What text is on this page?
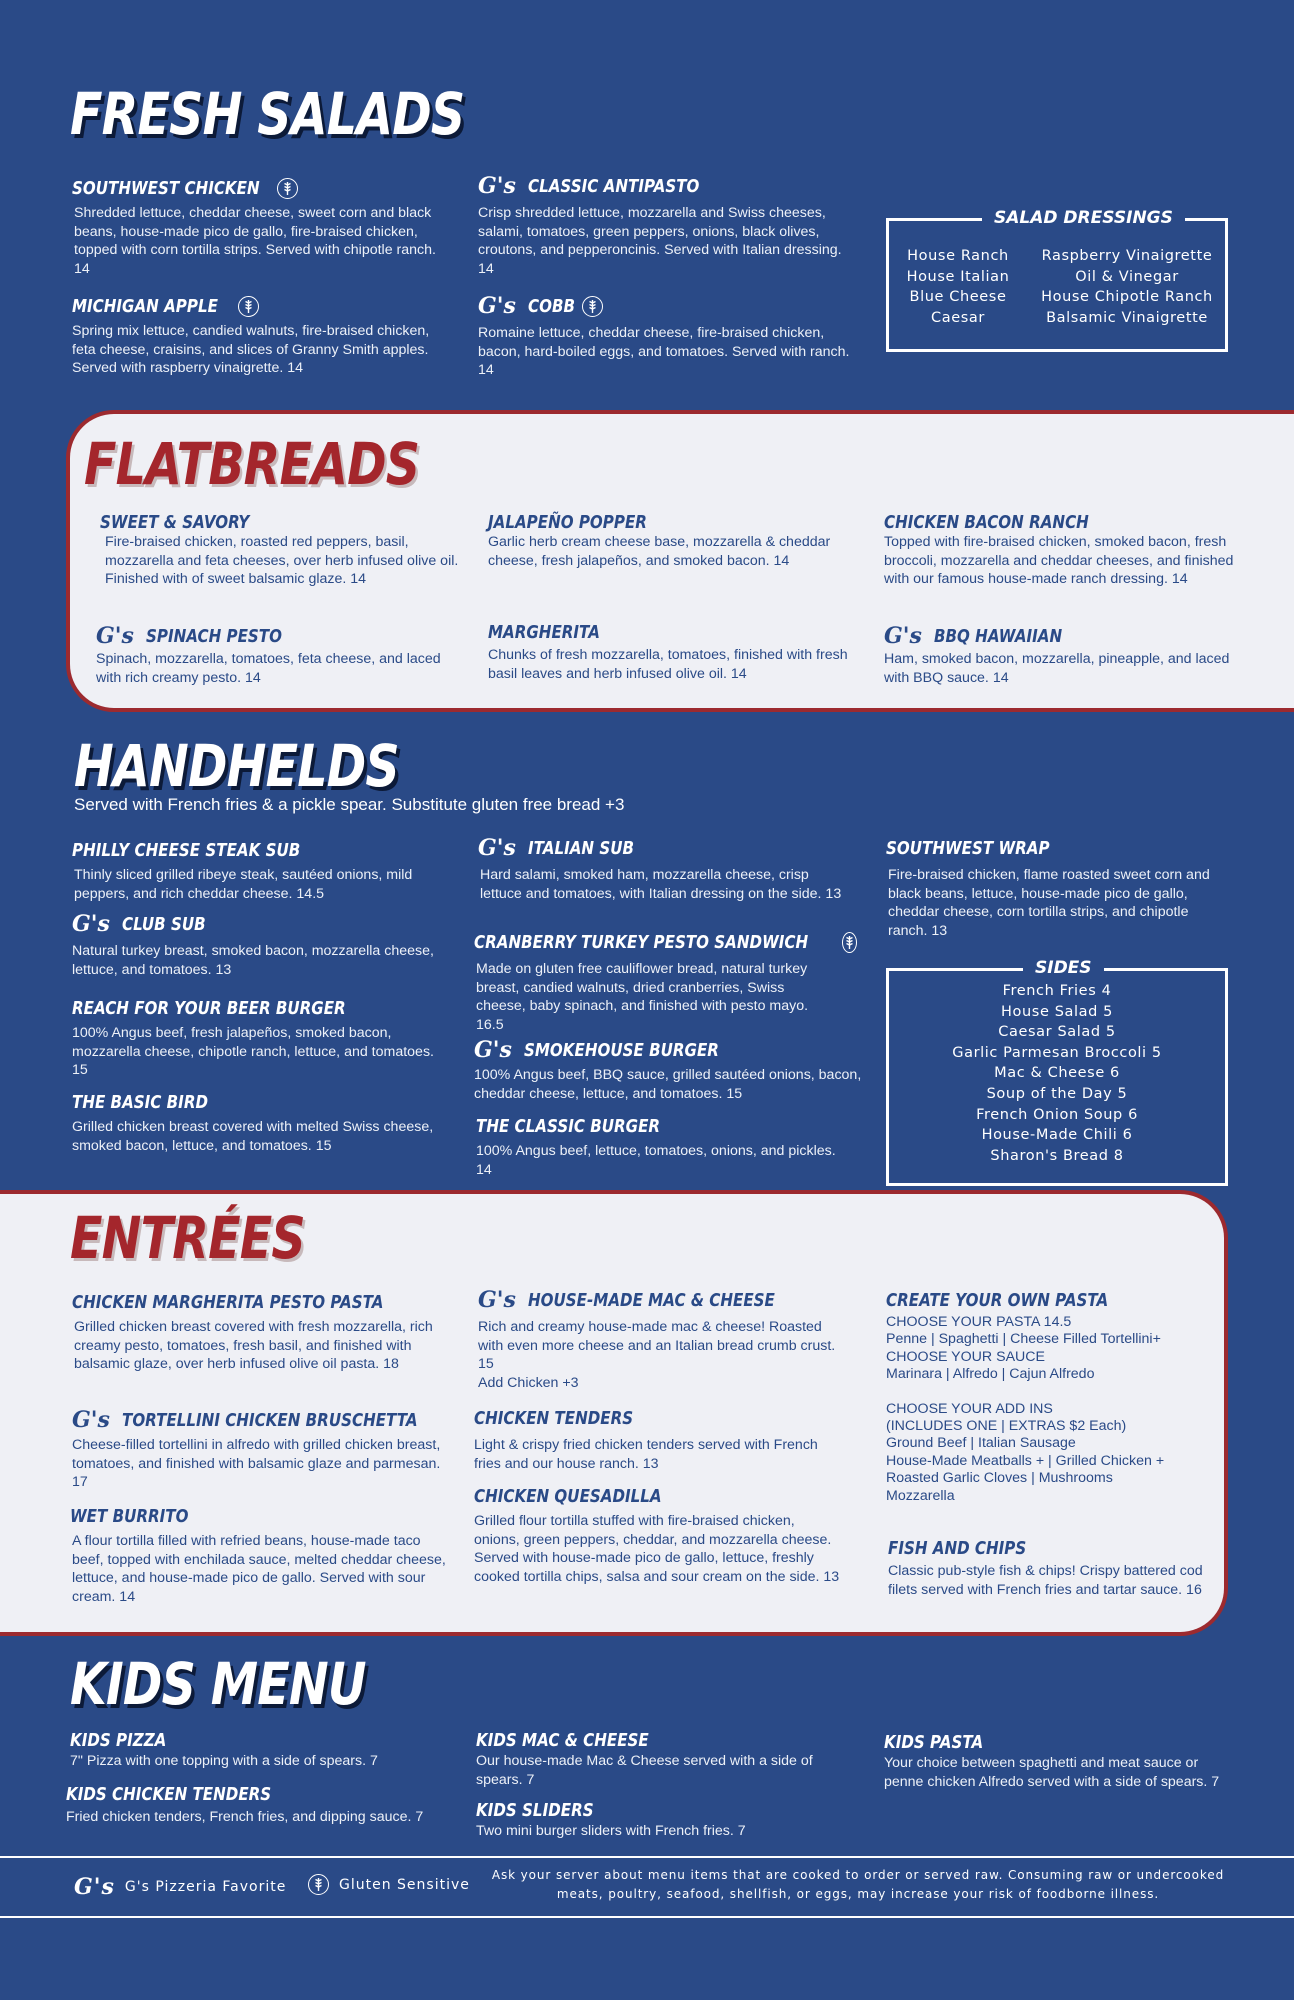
FRESH SALADS
SOUTHWEST CHICKEN
Shredded lettuce, cheddar cheese, sweet corn and black beans, house-made pico de gallo, fire-braised chicken, topped with corn tortilla strips. Served with chipotle ranch. 14
MICHIGAN APPLE
Spring mix lettuce, candied walnuts, fire-braised chicken, feta cheese, craisins, and slices of Granny Smith apples. Served with raspberry vinaigrette. 14
G's CLASSIC ANTIPASTO
Crisp shredded lettuce, mozzarella and Swiss cheeses, salami, tomatoes, green peppers, onions, black olives, croutons, and pepperoncinis. Served with Italian dressing. 14
G's COBB
Romaine lettuce, cheddar cheese, fire-braised chicken, bacon, hard-boiled eggs, and tomatoes. Served with ranch. 14
SALAD DRESSINGS
House Ranch
House Italian
Blue Cheese
Caesar
Raspberry Vinaigrette
Oil & Vinegar
House Chipotle Ranch
Balsamic Vinaigrette
FLATBREADS
SWEET & SAVORY
Fire-braised chicken, roasted red peppers, basil, mozzarella and feta cheeses, over herb infused olive oil. Finished with of sweet balsamic glaze. 14
G's SPINACH PESTO
Spinach, mozzarella, tomatoes, feta cheese, and laced with rich creamy pesto. 14
JALAPEÑO POPPER
Garlic herb cream cheese base, mozzarella & cheddar cheese, fresh jalapeños, and smoked bacon. 14
MARGHERITA
Chunks of fresh mozzarella, tomatoes, finished with fresh basil leaves and herb infused olive oil. 14
CHICKEN BACON RANCH
Topped with fire-braised chicken, smoked bacon, fresh broccoli, mozzarella and cheddar cheeses, and finished with our famous house-made ranch dressing. 14
G's BBQ HAWAIIAN
Ham, smoked bacon, mozzarella, pineapple, and laced with BBQ sauce. 14
HANDHELDS
Served with French fries & a pickle spear. Substitute gluten free bread +3
PHILLY CHEESE STEAK SUB
Thinly sliced grilled ribeye steak, sautéed onions, mild peppers, and rich cheddar cheese. 14.5
G's CLUB SUB
Natural turkey breast, smoked bacon, mozzarella cheese, lettuce, and tomatoes. 13
REACH FOR YOUR BEER BURGER
100% Angus beef, fresh jalapeños, smoked bacon, mozzarella cheese, chipotle ranch, lettuce, and tomatoes. 15
THE BASIC BIRD
Grilled chicken breast covered with melted Swiss cheese, smoked bacon, lettuce, and tomatoes. 15
G's ITALIAN SUB
Hard salami, smoked ham, mozzarella cheese, crisp lettuce and tomatoes, with Italian dressing on the side. 13
CRANBERRY TURKEY PESTO SANDWICH
Made on gluten free cauliflower bread, natural turkey breast, candied walnuts, dried cranberries, Swiss cheese, baby spinach, and finished with pesto mayo. 16.5
G's SMOKEHOUSE BURGER
100% Angus beef, BBQ sauce, grilled sautéed onions, bacon, cheddar cheese, lettuce, and tomatoes. 15
THE CLASSIC BURGER
100% Angus beef, lettuce, tomatoes, onions, and pickles. 14
SOUTHWEST WRAP
Fire-braised chicken, flame roasted sweet corn and black beans, lettuce, house-made pico de gallo, cheddar cheese, corn tortilla strips, and chipotle ranch. 13
SIDES
French Fries 4
House Salad 5
Caesar Salad 5
Garlic Parmesan Broccoli 5
Mac & Cheese 6
Soup of the Day 5
French Onion Soup 6
House-Made Chili 6
Sharon's Bread 8
ENTRÉES
CHICKEN MARGHERITA PESTO PASTA
Grilled chicken breast covered with fresh mozzarella, rich creamy pesto, tomatoes, fresh basil, and finished with balsamic glaze, over herb infused olive oil pasta. 18
G's TORTELLINI CHICKEN BRUSCHETTA
Cheese-filled tortellini in alfredo with grilled chicken breast, tomatoes, and finished with balsamic glaze and parmesan. 17
WET BURRITO
A flour tortilla filled with refried beans, house-made taco beef, topped with enchilada sauce, melted cheddar cheese, lettuce, and house-made pico de gallo. Served with sour cream. 14
G's HOUSE-MADE MAC & CHEESE
Rich and creamy house-made mac & cheese! Roasted with even more cheese and an Italian bread crumb crust. 15
Add Chicken +3
CHICKEN TENDERS
Light & crispy fried chicken tenders served with French fries and our house ranch. 13
CHICKEN QUESADILLA
Grilled flour tortilla stuffed with fire-braised chicken, onions, green peppers, cheddar, and mozzarella cheese. Served with house-made pico de gallo, lettuce, freshly cooked tortilla chips, salsa and sour cream on the side. 13
CREATE YOUR OWN PASTA
CHOOSE YOUR PASTA 14.5
Penne | Spaghetti | Cheese Filled Tortellini+
CHOOSE YOUR SAUCE
Marinara | Alfredo | Cajun Alfredo
CHOOSE YOUR ADD INS
(INCLUDES ONE | EXTRAS $2 Each)
Ground Beef | Italian Sausage
House-Made Meatballs + | Grilled Chicken +
Roasted Garlic Cloves | Mushrooms
Mozzarella
FISH AND CHIPS
Classic pub-style fish & chips! Crispy battered cod filets served with French fries and tartar sauce. 16
KIDS MENU
KIDS PIZZA
7" Pizza with one topping with a side of spears. 7
KIDS CHICKEN TENDERS
Fried chicken tenders, French fries, and dipping sauce. 7
KIDS MAC & CHEESE
Our house-made Mac & Cheese served with a side of spears. 7
KIDS SLIDERS
Two mini burger sliders with French fries. 7
KIDS PASTA
Your choice between spaghetti and meat sauce or penne chicken Alfredo served with a side of spears. 7
G's G's Pizzeria Favorite	Gluten Sensitive
Ask your server about menu items that are cooked to order or served raw. Consuming raw or undercooked meats, poultry, seafood, shellfish, or eggs, may increase your risk of foodborne illness.
